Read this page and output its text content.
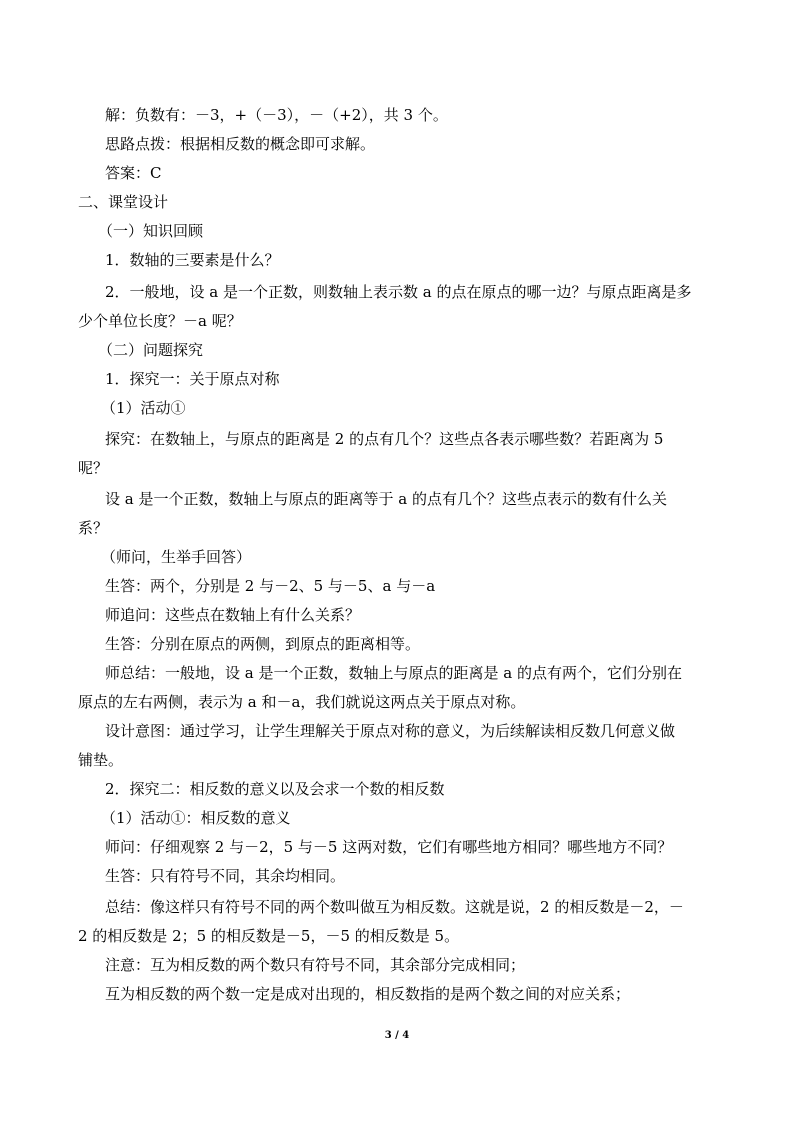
解：负数有：－3，+（－3），－（+2），共 3 个。
思路点拨：根据相反数的概念即可求解。
答案：C
二、课堂设计
（一）知识回顾
1．数轴的三要素是什么？
2．一般地，设 a 是一个正数，则数轴上表示数 a 的点在原点的哪一边？与原点距离是多
少个单位长度？－a 呢？
（二）问题探究
1．探究一：关于原点对称
（1）活动①
探究：在数轴上，与原点的距离是 2 的点有几个？这些点各表示哪些数？若距离为 5
呢？
设 a 是一个正数，数轴上与原点的距离等于 a 的点有几个？这些点表示的数有什么关
系？
（师问，生举手回答）
生答：两个，分别是 2 与－2、5 与－5、a 与－a
师追问：这些点在数轴上有什么关系？
生答：分别在原点的两侧，到原点的距离相等。
师总结：一般地，设 a 是一个正数，数轴上与原点的距离是 a 的点有两个，它们分别在
原点的左右两侧，表示为 a 和－a，我们就说这两点关于原点对称。
设计意图：通过学习，让学生理解关于原点对称的意义，为后续解读相反数几何意义做
铺垫。
2．探究二：相反数的意义以及会求一个数的相反数
（1）活动①：相反数的意义
师问：仔细观察 2 与－2，5 与－5 这两对数，它们有哪些地方相同？哪些地方不同？
生答：只有符号不同，其余均相同。
总结：像这样只有符号不同的两个数叫做互为相反数。这就是说，2 的相反数是－2，－
2 的相反数是 2；5 的相反数是－5，－5 的相反数是 5。
注意：互为相反数的两个数只有符号不同，其余部分完成相同；
互为相反数的两个数一定是成对出现的，相反数指的是两个数之间的对应关系；
3 / 4
